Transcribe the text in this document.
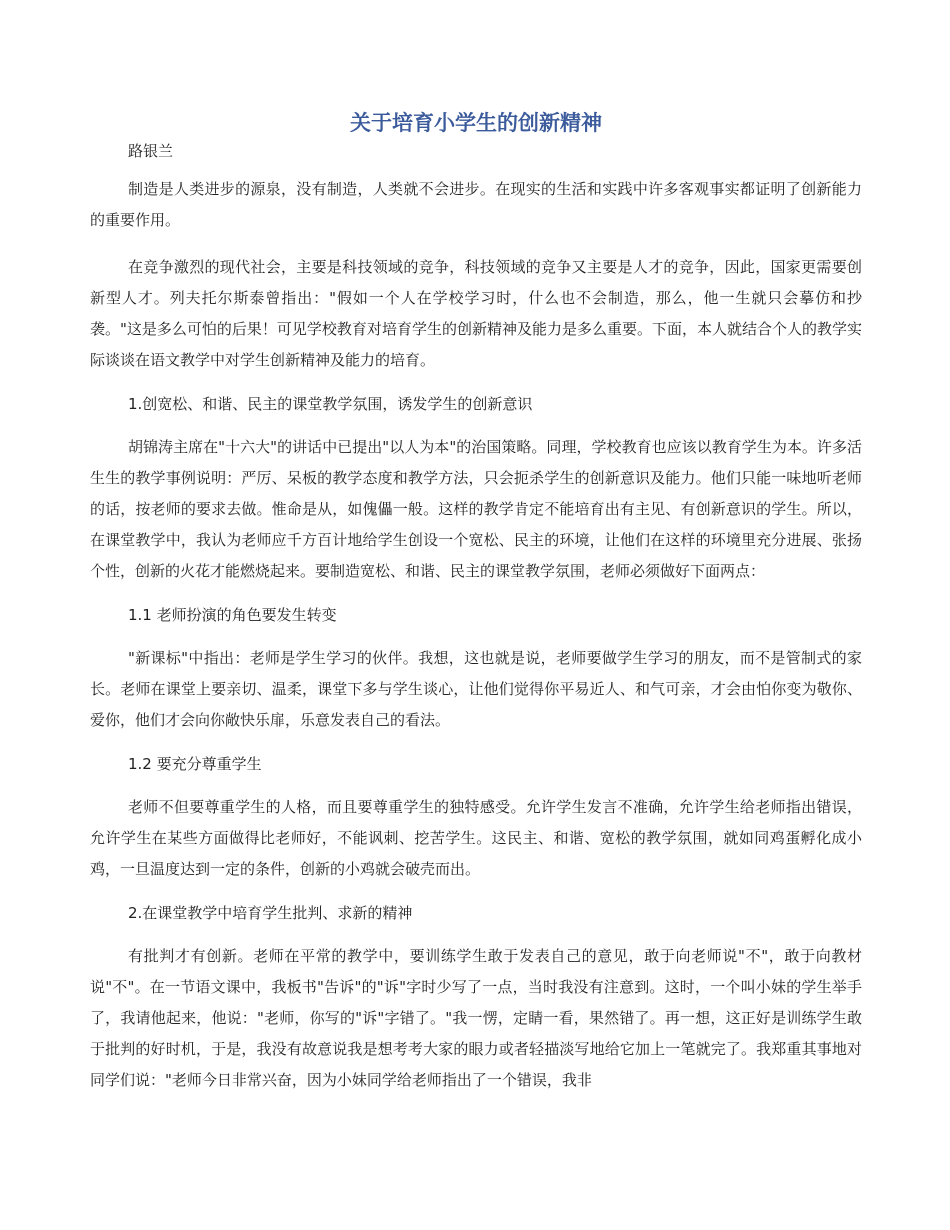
关于培育小学生的创新精神
路银兰

制造是人类进步的源泉，没有制造，人类就不会进步。在现实的生活和实践中许多客观事实都证明了创新能力的重要作用。

在竞争激烈的现代社会，主要是科技领域的竞争，科技领域的竞争又主要是人才的竞争，因此，国家更需要创新型人才。列夫托尔斯泰曾指出："假如一个人在学校学习时，什么也不会制造，那么，他一生就只会摹仿和抄袭。"这是多么可怕的后果！可见学校教育对培育学生的创新精神及能力是多么重要。下面，本人就结合个人的教学实际谈谈在语文教学中对学生创新精神及能力的培育。

1.创宽松、和谐、民主的课堂教学氛围，诱发学生的创新意识

胡锦涛主席在"十六大"的讲话中已提出"以人为本"的治国策略。同理，学校教育也应该以教育学生为本。许多活生生的教学事例说明：严厉、呆板的教学态度和教学方法，只会扼杀学生的创新意识及能力。他们只能一味地听老师的话，按老师的要求去做。惟命是从，如傀儡一般。这样的教学肯定不能培育出有主见、有创新意识的学生。所以，在课堂教学中，我认为老师应千方百计地给学生创设一个宽松、民主的环境，让他们在这样的环境里充分进展、张扬个性，创新的火花才能燃烧起来。要制造宽松、和谐、民主的课堂教学氛围，老师必须做好下面两点：

1.1 老师扮演的角色要发生转变

"新课标"中指出：老师是学生学习的伙伴。我想，这也就是说，老师要做学生学习的朋友，而不是管制式的家长。老师在课堂上要亲切、温柔，课堂下多与学生谈心，让他们觉得你平易近人、和气可亲，才会由怕你变为敬你、爱你，他们才会向你敞快乐扉，乐意发表自己的看法。

1.2 要充分尊重学生

老师不但要尊重学生的人格，而且要尊重学生的独特感受。允许学生发言不准确，允许学生给老师指出错误，允许学生在某些方面做得比老师好，不能讽刺、挖苦学生。这民主、和谐、宽松的教学氛围，就如同鸡蛋孵化成小鸡，一旦温度达到一定的条件，创新的小鸡就会破壳而出。

2.在课堂教学中培育学生批判、求新的精神

有批判才有创新。老师在平常的教学中，要训练学生敢于发表自己的意见，敢于向老师说"不"，敢于向教材说"不"。在一节语文课中，我板书"告诉"的"诉"字时少写了一点，当时我没有注意到。这时，一个叫小妹的学生举手了，我请他起来，他说："老师，你写的"诉"字错了。"我一愣，定睛一看，果然错了。再一想，这正好是训练学生敢于批判的好时机，于是，我没有故意说我是想考考大家的眼力或者轻描淡写地给它加上一笔就完了。我郑重其事地对同学们说："老师今日非常兴奋，因为小妹同学给老师指出了一个错误，我非
